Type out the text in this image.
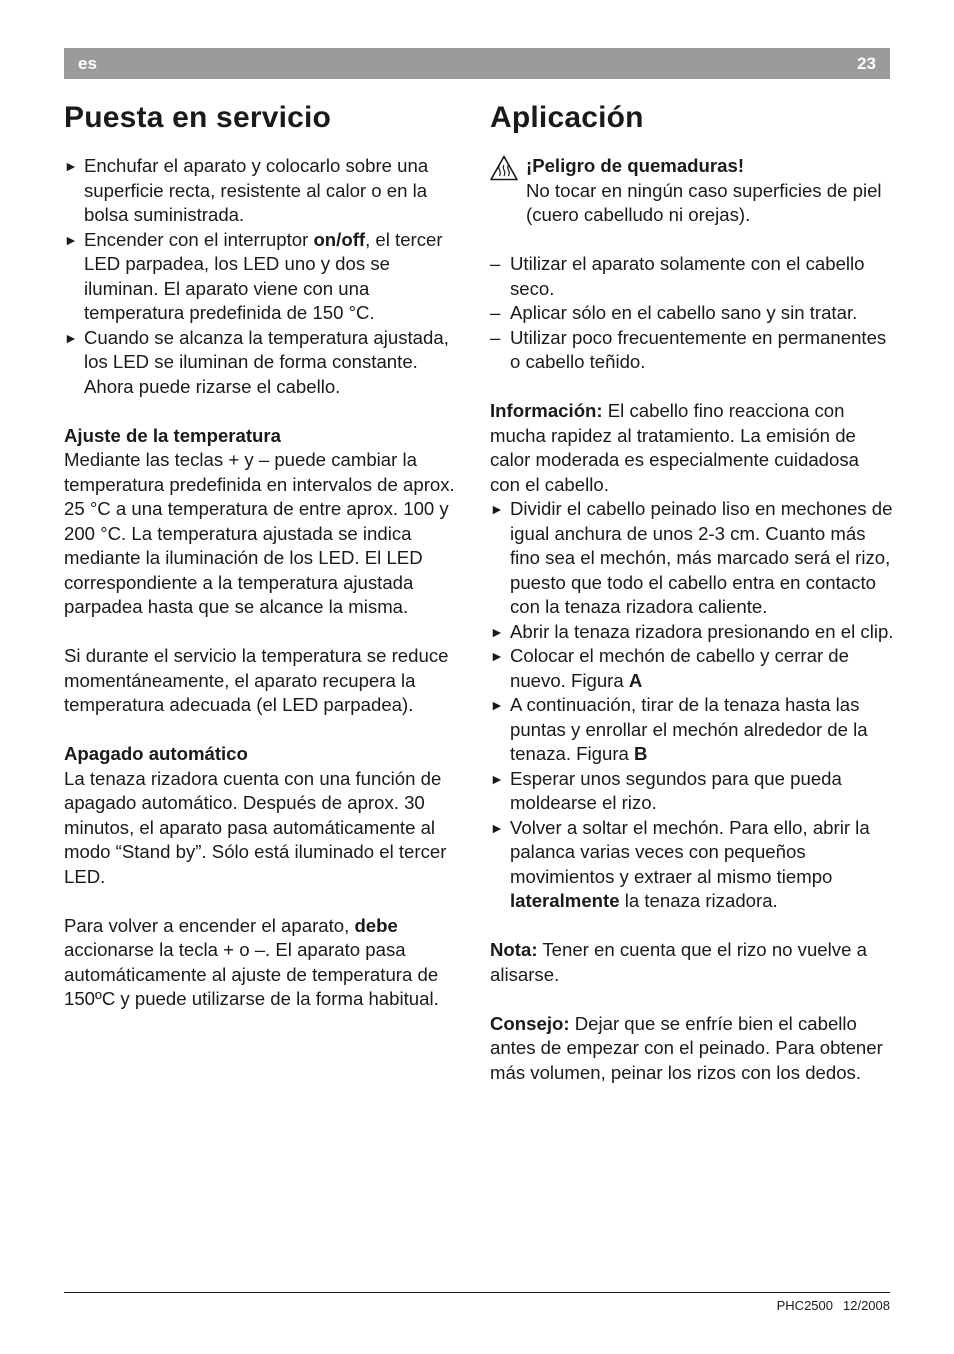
es	23
Puesta en servicio
► Enchufar el aparato y colocarlo sobre una superficie recta, resistente al calor o en la bolsa suministrada.
► Encender con el interruptor on/off, el tercer LED parpadea, los LED uno y dos se iluminan. El aparato viene con una temperatura predefinida de 150 °C.
► Cuando se alcanza la temperatura ajustada, los LED se iluminan de forma constante. Ahora puede rizarse el cabello.

Ajuste de la temperatura

Mediante las teclas + y – puede cambiar la temperatura predefinida en intervalos de aprox. 25 °C a una temperatura de entre aprox. 100 y 200 °C. La temperatura ajustada se indica mediante la iluminación de los LED. El LED correspondiente a la temperatura ajustada parpadea hasta que se alcance la misma.

Si durante el servicio la temperatura se reduce momentáneamente, el aparato recupera la temperatura adecuada (el LED parpadea).

Apagado automático

La tenaza rizadora cuenta con una función de apagado automático. Después de aprox. 30 minutos, el aparato pasa automáticamente al modo “Stand by”. Sólo está iluminado el tercer LED.

Para volver a encender el aparato, debe accionarse la tecla + o –. El aparato pasa automáticamente al ajuste de temperatura de 150ºC y puede utilizarse de la forma habitual.

Aplicación

¡Peligro de quemaduras!

No tocar en ningún caso superficies de piel (cuero cabelludo ni orejas).

– Utilizar el aparato solamente con el cabello seco.
– Aplicar sólo en el cabello sano y sin tratar.
– Utilizar poco frecuentemente en permanentes o cabello teñido.

Información: El cabello fino reacciona con mucha rapidez al tratamiento. La emisión de calor moderada es especialmente cuidadosa con el cabello.

► Dividir el cabello peinado liso en mechones de igual anchura de unos 2-3 cm. Cuanto más fino sea el mechón, más marcado será el rizo, puesto que todo el cabello entra en contacto con la tenaza rizadora caliente.
► Abrir la tenaza rizadora presionando en el clip.
► Colocar el mechón de cabello y cerrar de nuevo. Figura A
► A continuación, tirar de la tenaza hasta las puntas y enrollar el mechón alrededor de la tenaza. Figura B
► Esperar unos segundos para que pueda moldearse el rizo.
► Volver a soltar el mechón. Para ello, abrir la palanca varias veces con pequeños movimientos y extraer al mismo tiempo lateralmente la tenaza rizadora.

Nota: Tener en cuenta que el rizo no vuelve a alisarse.

Consejo: Dejar que se enfríe bien el cabello antes de empezar con el peinado. Para obtener más volumen, peinar los rizos con los dedos.

PHC2500 12/2008
